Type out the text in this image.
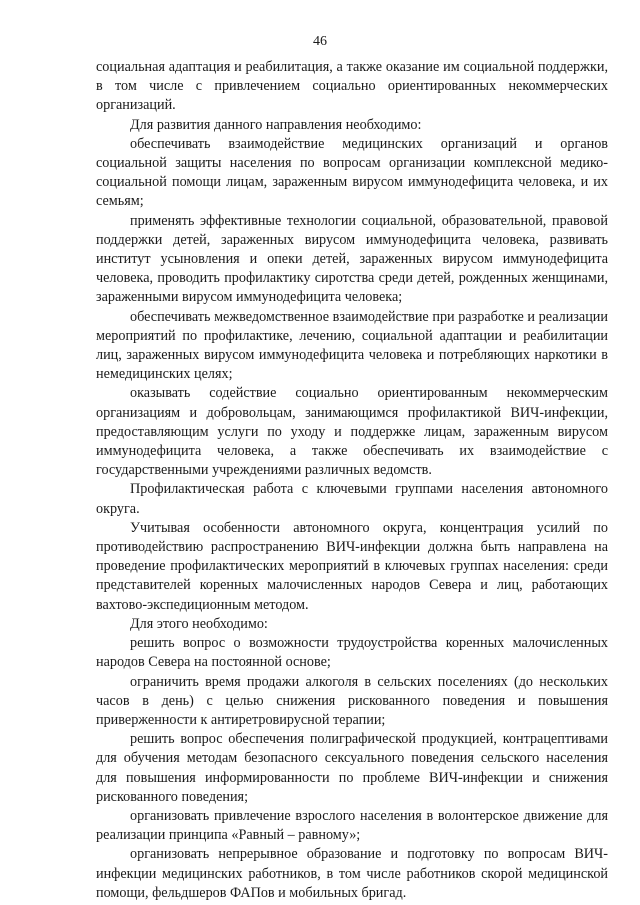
46

социальная адаптация и реабилитация, а также оказание им социальной поддержки, в том числе с привлечением социально ориентированных некоммерческих организаций.

Для развития данного направления необходимо:

обеспечивать взаимодействие медицинских организаций и органов социальной защиты населения по вопросам организации комплексной медико-социальной помощи лицам, зараженным вирусом иммунодефицита человека, и их семьям;

применять эффективные технологии социальной, образовательной, правовой поддержки детей, зараженных вирусом иммунодефицита человека, развивать институт усыновления и опеки детей, зараженных вирусом иммунодефицита человека, проводить профилактику сиротства среди детей, рожденных женщинами, зараженными вирусом иммунодефицита человека;

обеспечивать межведомственное взаимодействие при разработке и реализации мероприятий по профилактике, лечению, социальной адаптации и реабилитации лиц, зараженных вирусом иммунодефицита человека и потребляющих наркотики в немедицинских целях;

оказывать содействие социально ориентированным некоммерческим организациям и добровольцам, занимающимся профилактикой ВИЧ-инфекции, предоставляющим услуги по уходу и поддержке лицам, зараженным вирусом иммунодефицита человека, а также обеспечивать их взаимодействие с государственными учреждениями различных ведомств.

Профилактическая работа с ключевыми группами населения автономного округа.

Учитывая особенности автономного округа, концентрация усилий по противодействию распространению ВИЧ-инфекции должна быть направлена на проведение профилактических мероприятий в ключевых группах населения: среди представителей коренных малочисленных народов Севера и лиц, работающих вахтово-экспедиционным методом.

Для этого необходимо:

решить вопрос о возможности трудоустройства коренных малочисленных народов Севера на постоянной основе;

ограничить время продажи алкоголя в сельских поселениях (до нескольких часов в день) с целью снижения рискованного поведения и повышения приверженности к антиретровирусной терапии;

решить вопрос обеспечения полиграфической продукцией, контрацептивами для обучения методам безопасного сексуального поведения сельского населения для повышения информированности по проблеме ВИЧ-инфекции и снижения рискованного поведения;

организовать привлечение взрослого населения в волонтерское движение для реализации принципа «Равный – равному»;

организовать непрерывное образование и подготовку по вопросам ВИЧ-инфекции медицинских работников, в том числе работников скорой медицинской помощи, фельдшеров ФАПов и мобильных бригад.
